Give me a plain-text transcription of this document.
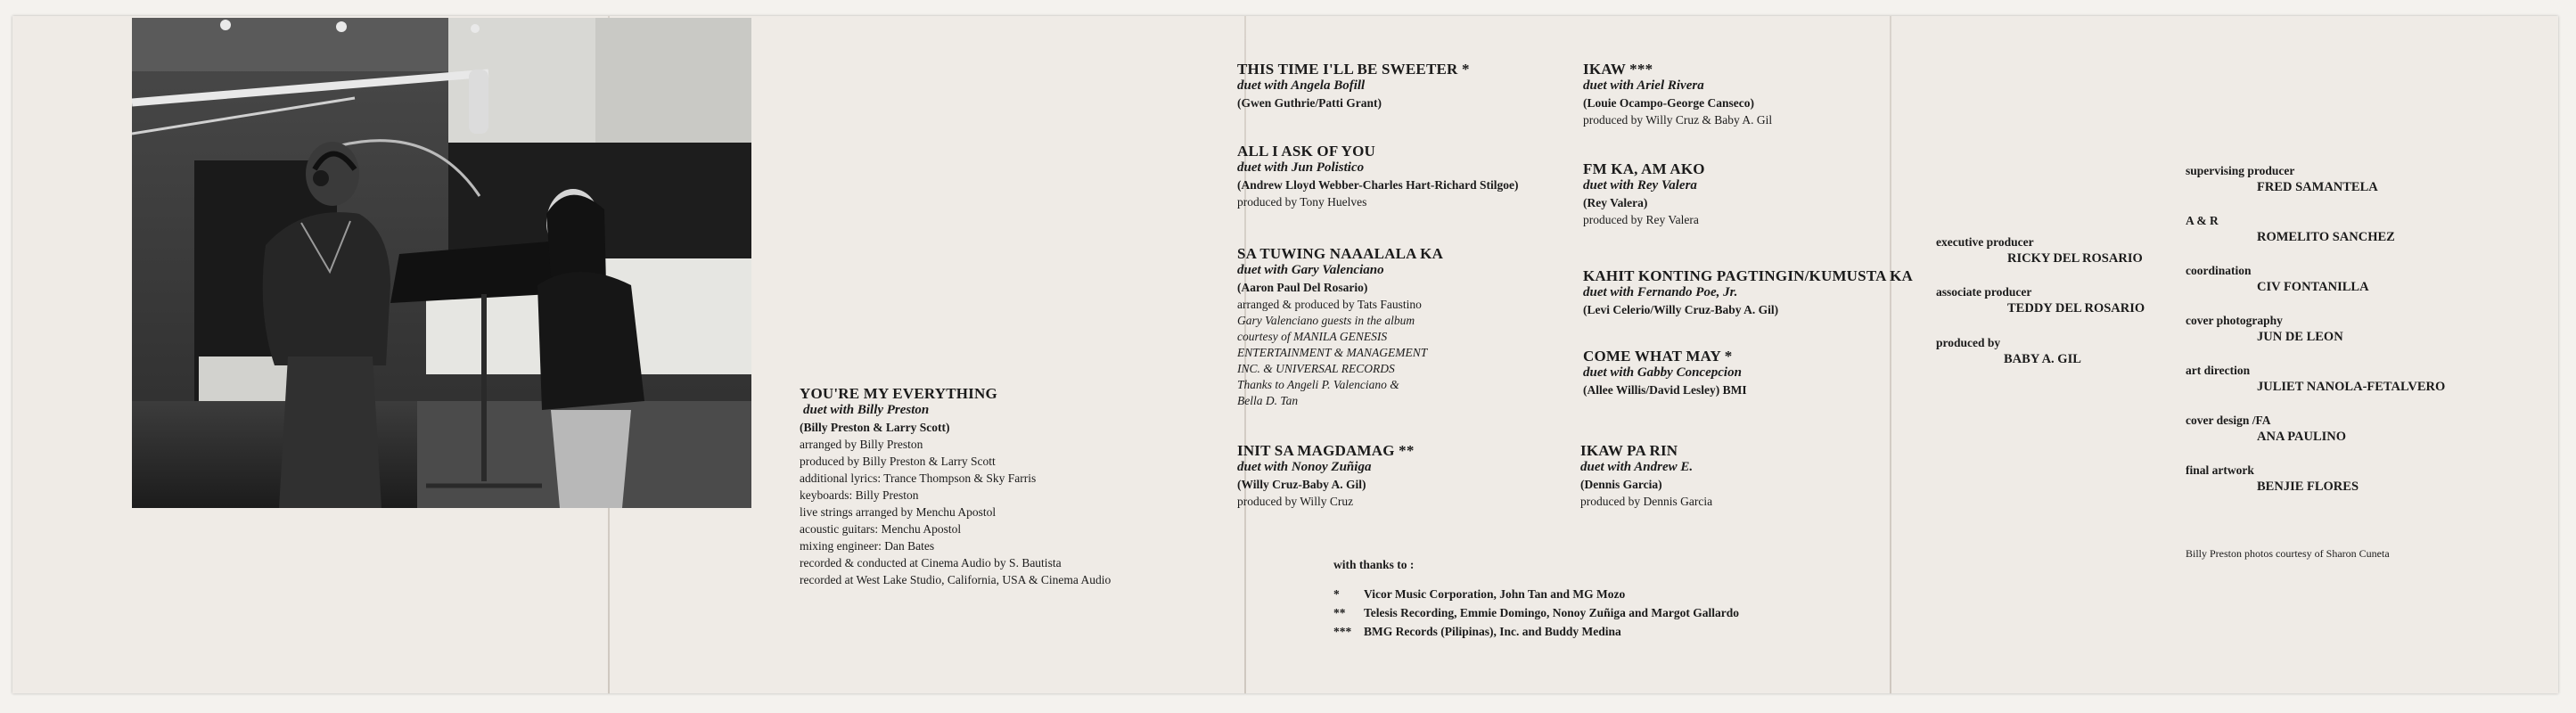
YOU'RE MY EVERYTHING
duet with Billy Preston
(Billy Preston & Larry Scott)
arranged by Billy Preston
produced by Billy Preston & Larry Scott
additional lyrics: Trance Thompson & Sky Farris
keyboards: Billy Preston
live strings arranged by Menchu Apostol
acoustic guitars: Menchu Apostol
mixing engineer: Dan Bates
recorded & conducted at Cinema Audio by S. Bautista
recorded at West Lake Studio, California, USA & Cinema Audio
THIS TIME I'LL BE SWEETER *
duet with Angela Bofill
(Gwen Guthrie/Patti Grant)
ALL I ASK OF YOU
duet with Jun Polistico
(Andrew Lloyd Webber-Charles Hart-Richard Stilgoe)
produced by Tony Huelves
SA TUWING NAAALALA KA
duet with Gary Valenciano
(Aaron Paul Del Rosario)
arranged & produced by Tats Faustino
Gary Valenciano guests in the album
courtesy of MANILA GENESIS
ENTERTAINMENT & MANAGEMENT
INC. & UNIVERSAL RECORDS
Thanks to Angeli P. Valenciano &
Bella D. Tan
INIT SA MAGDAMAG **
duet with Nonoy Zuñiga
(Willy Cruz-Baby A. Gil)
produced by Willy Cruz
IKAW ***
duet with Ariel Rivera
(Louie Ocampo-George Canseco)
produced by Willy Cruz & Baby A. Gil
FM KA, AM AKO
duet with Rey Valera
(Rey Valera)
produced by Rey Valera
KAHIT KONTING PAGTINGIN/KUMUSTA KA
duet with Fernando Poe, Jr.
(Levi Celerio/Willy Cruz-Baby A. Gil)
COME WHAT MAY *
duet with Gabby Concepcion
(Allee Willis/David Lesley) BMI
IKAW PA RIN
duet with Andrew E.
(Dennis Garcia)
produced by Dennis Garcia
with thanks to :
*	Vicor Music Corporation, John Tan and MG Mozo
**	Telesis Recording, Emmie Domingo, Nonoy Zuñiga and Margot Gallardo
***	BMG Records (Pilipinas), Inc. and Buddy Medina
executive producer
RICKY DEL ROSARIO
associate producer
TEDDY DEL ROSARIO
produced by
BABY A. GIL
supervising producer
FRED SAMANTELA
A & R
ROMELITO SANCHEZ
coordination
CIV FONTANILLA
cover photography
JUN DE LEON
art direction
JULIET NANOLA-FETALVERO
cover design /FA
ANA PAULINO
final artwork
BENJIE FLORES
Billy Preston photos courtesy of Sharon Cuneta
